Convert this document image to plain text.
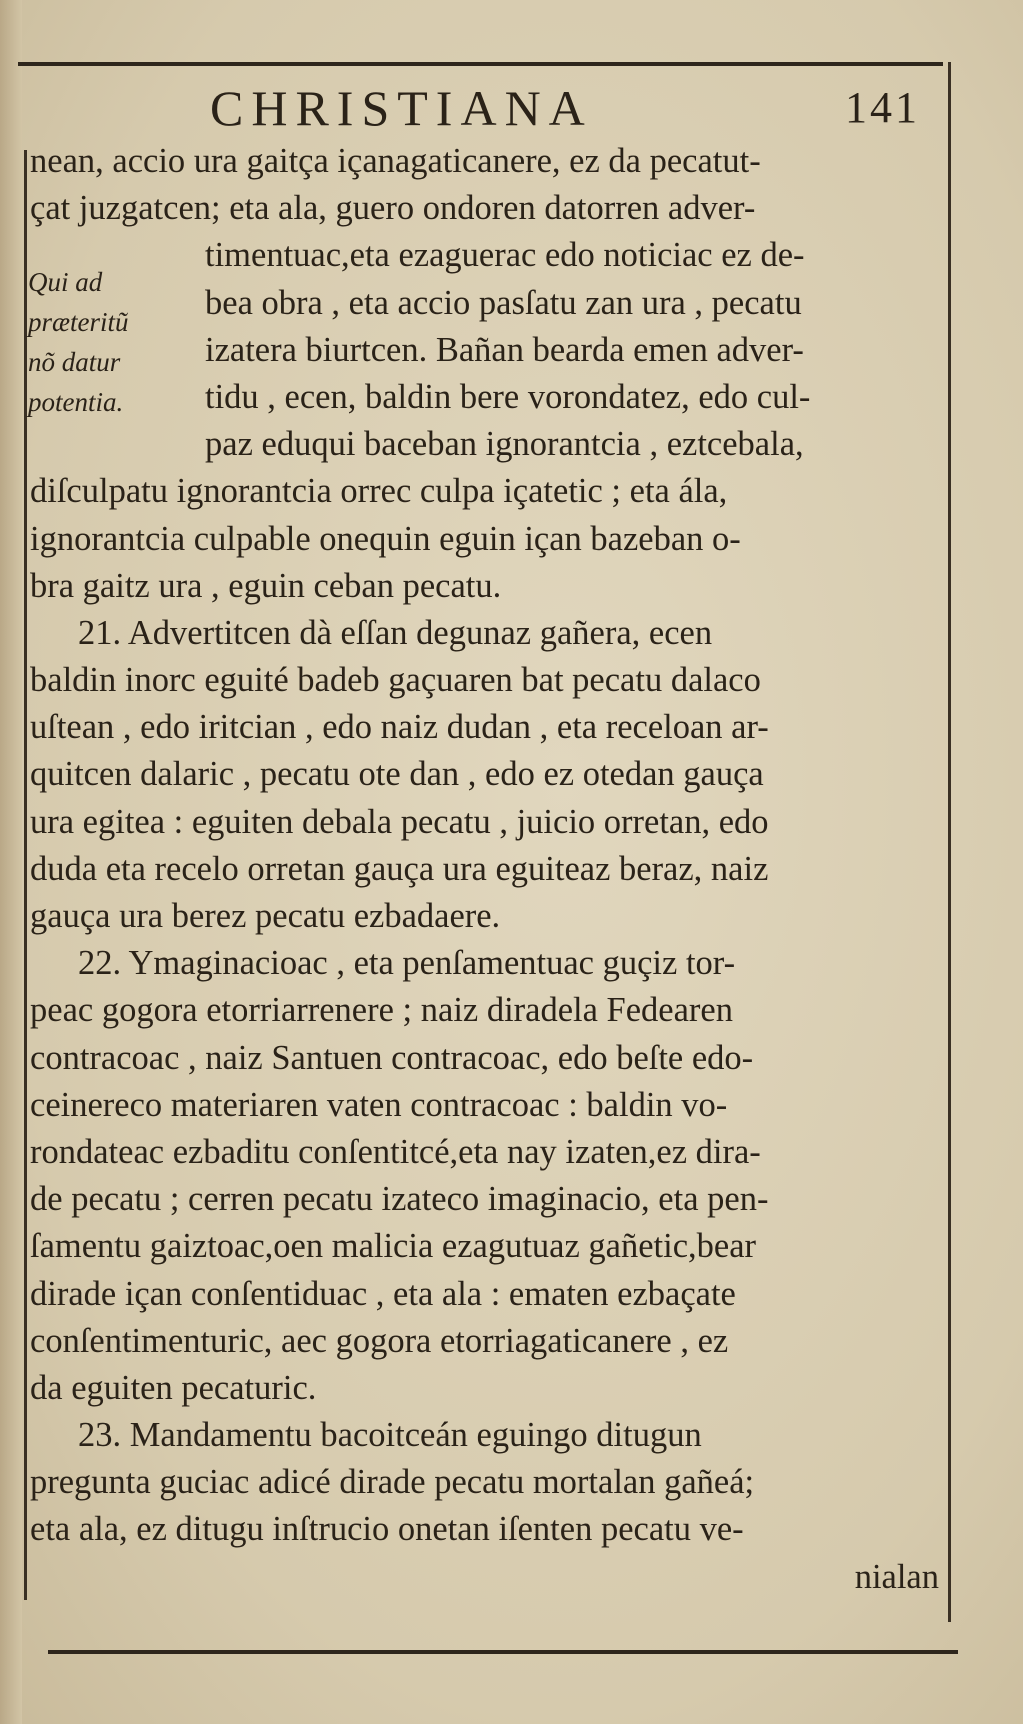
CHRISTIANA	141
Qui ad
præteritũ
nõ datur
potentia.
nean, accio ura gaitça içanagaticanere, ez da pecatut-
çat juzgatcen; eta ala, guero ondoren datorren adver-
timentuac,eta ezaguerac edo noticiac ez de-
bea obra , eta accio pasſatu zan ura , pecatu
izatera biurtcen. Bañan bearda emen adver-
tidu , ecen, baldin bere vorondatez, edo cul-
paz eduqui baceban ignorantcia , eztcebala,
diſculpatu ignorantcia orrec culpa içatetic ; eta ála,
ignorantcia culpable onequin eguin içan bazeban o-
bra gaitz ura , eguin ceban pecatu.
21. Advertitcen dà eſſan degunaz gañera, ecen
baldin inorc eguité badeb gaçuaren bat pecatu dalaco
uſtean , edo iritcian , edo naiz dudan , eta receloan ar-
quitcen dalaric , pecatu ote dan , edo ez otedan gauça
ura egitea : eguiten debala pecatu , juicio orretan, edo
duda eta recelo orretan gauça ura eguiteaz beraz, naiz
gauça ura berez pecatu ezbadaere.
22. Ymaginacioac , eta penſamentuac guçiz tor-
peac gogora etorriarrenere ; naiz diradela Fedearen
contracoac , naiz Santuen contracoac, edo beſte edo-
ceinereco materiaren vaten contracoac : baldin vo-
rondateac ezbaditu conſentitcé,eta nay izaten,ez dira-
de pecatu ; cerren pecatu izateco imaginacio, eta pen-
ſamentu gaiztoac,oen malicia ezagutuaz gañetic,bear
dirade içan conſentiduac , eta ala : ematen ezbaçate
conſentimenturic, aec gogora etorriagaticanere , ez
da eguiten pecaturic.
23. Mandamentu bacoitceán eguingo ditugun
pregunta guciac adicé dirade pecatu mortalan gañeá;
eta ala, ez ditugu inſtrucio onetan iſenten pecatu ve-
nialan
